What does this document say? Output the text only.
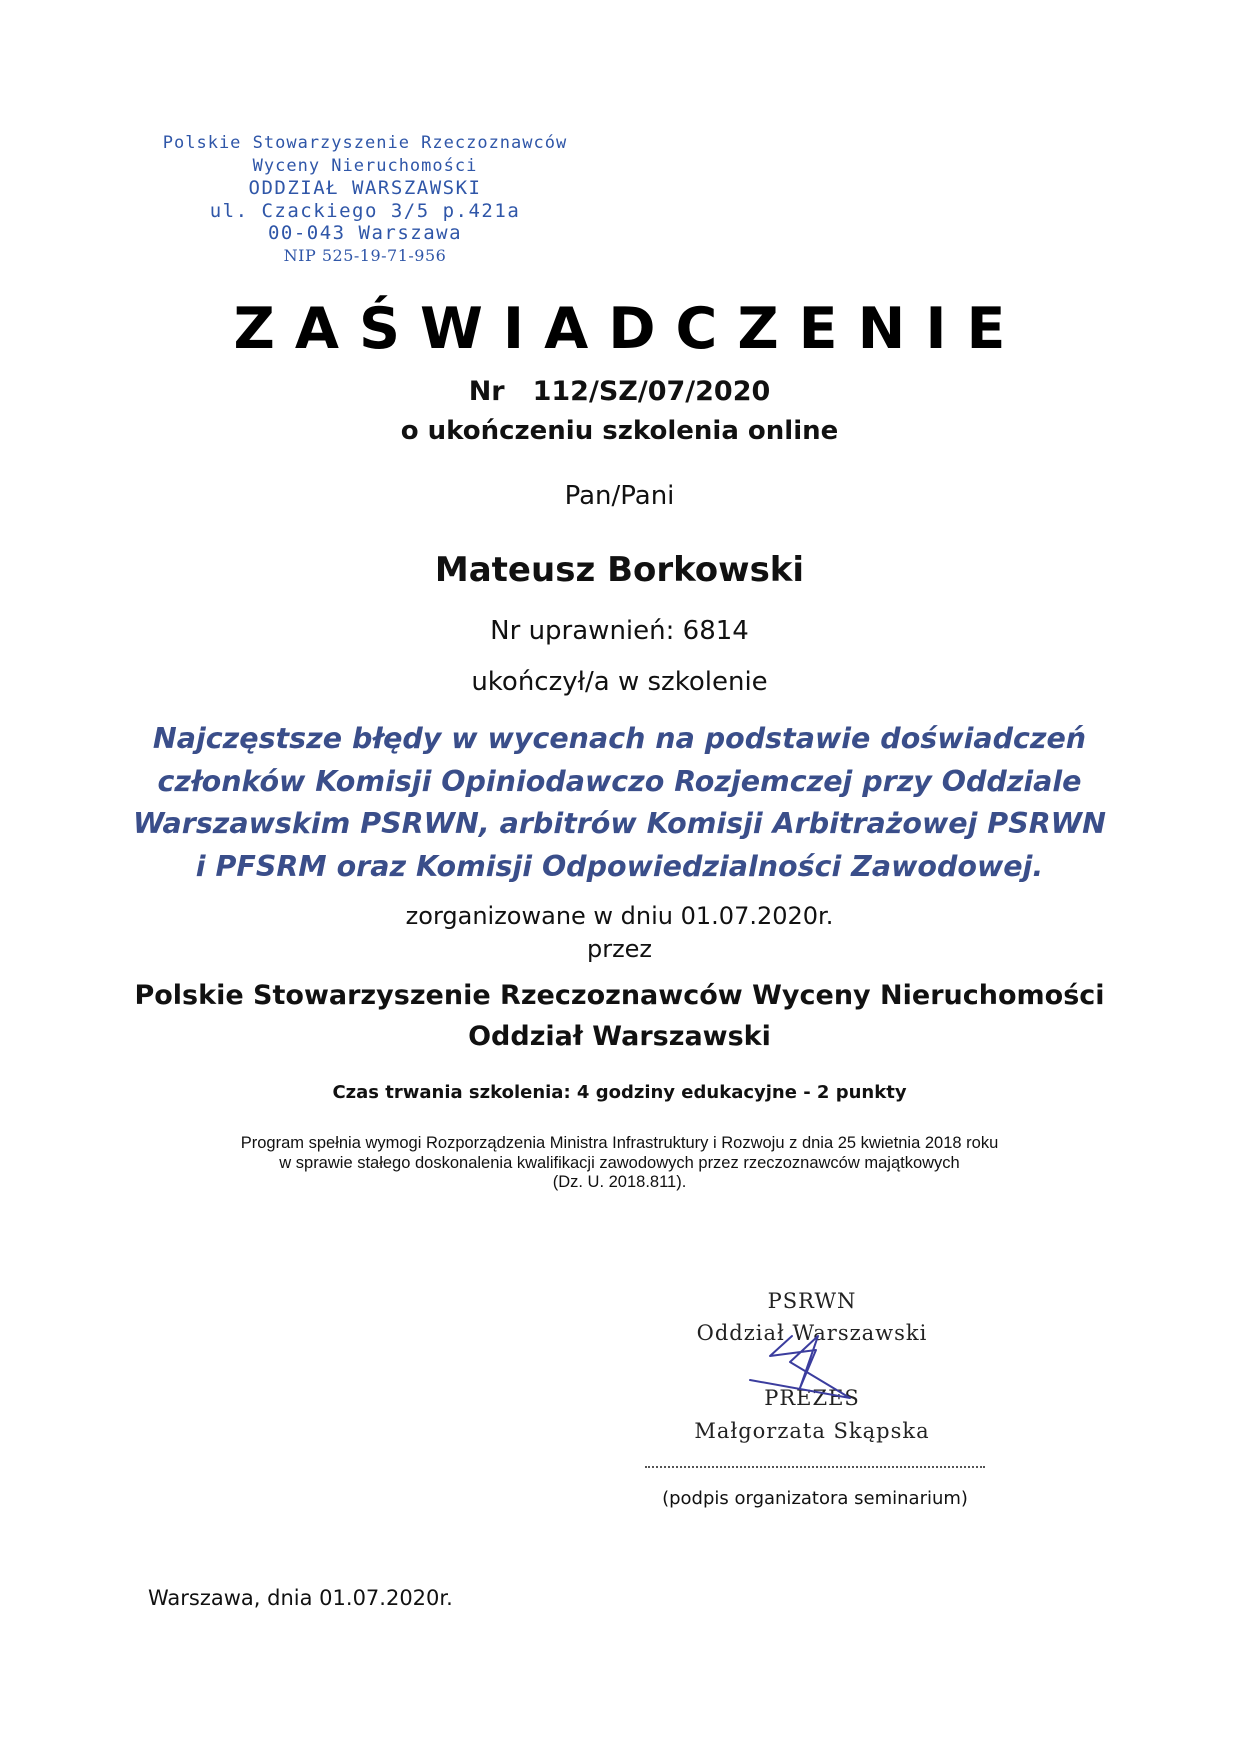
Polskie Stowarzyszenie Rzeczoznawców
Wyceny Nieruchomości
ODDZIAŁ WARSZAWSKI
ul. Czackiego 3/5 p.421a
00-043 Warszawa
NIP 525-19-71-956
ZAŚWIADCZENIE
Nr 112/SZ/07/2020
o ukończeniu szkolenia online
Pan/Pani
Mateusz Borkowski
Nr uprawnień: 6814
ukończył/a w szkolenie
Najczęstsze błędy w wycenach na podstawie doświadczeń
członków Komisji Opiniodawczo Rozjemczej przy Oddziale
Warszawskim PSRWN, arbitrów Komisji Arbitrażowej PSRWN
i PFSRM oraz Komisji Odpowiedzialności Zawodowej.
zorganizowane w dniu 01.07.2020r.
przez
Polskie Stowarzyszenie Rzeczoznawców Wyceny Nieruchomości
Oddział Warszawski
Czas trwania szkolenia: 4 godziny edukacyjne - 2 punkty
Program spełnia wymogi Rozporządzenia Ministra Infrastruktury i Rozwoju z dnia 25 kwietnia 2018 roku
w sprawie stałego doskonalenia kwalifikacji zawodowych przez rzeczoznawców majątkowych
(Dz. U. 2018.811).
PSRWN
Oddział Warszawski
PREZES
Małgorzata Skąpska
(podpis organizatora seminarium)
Warszawa, dnia 01.07.2020r.
